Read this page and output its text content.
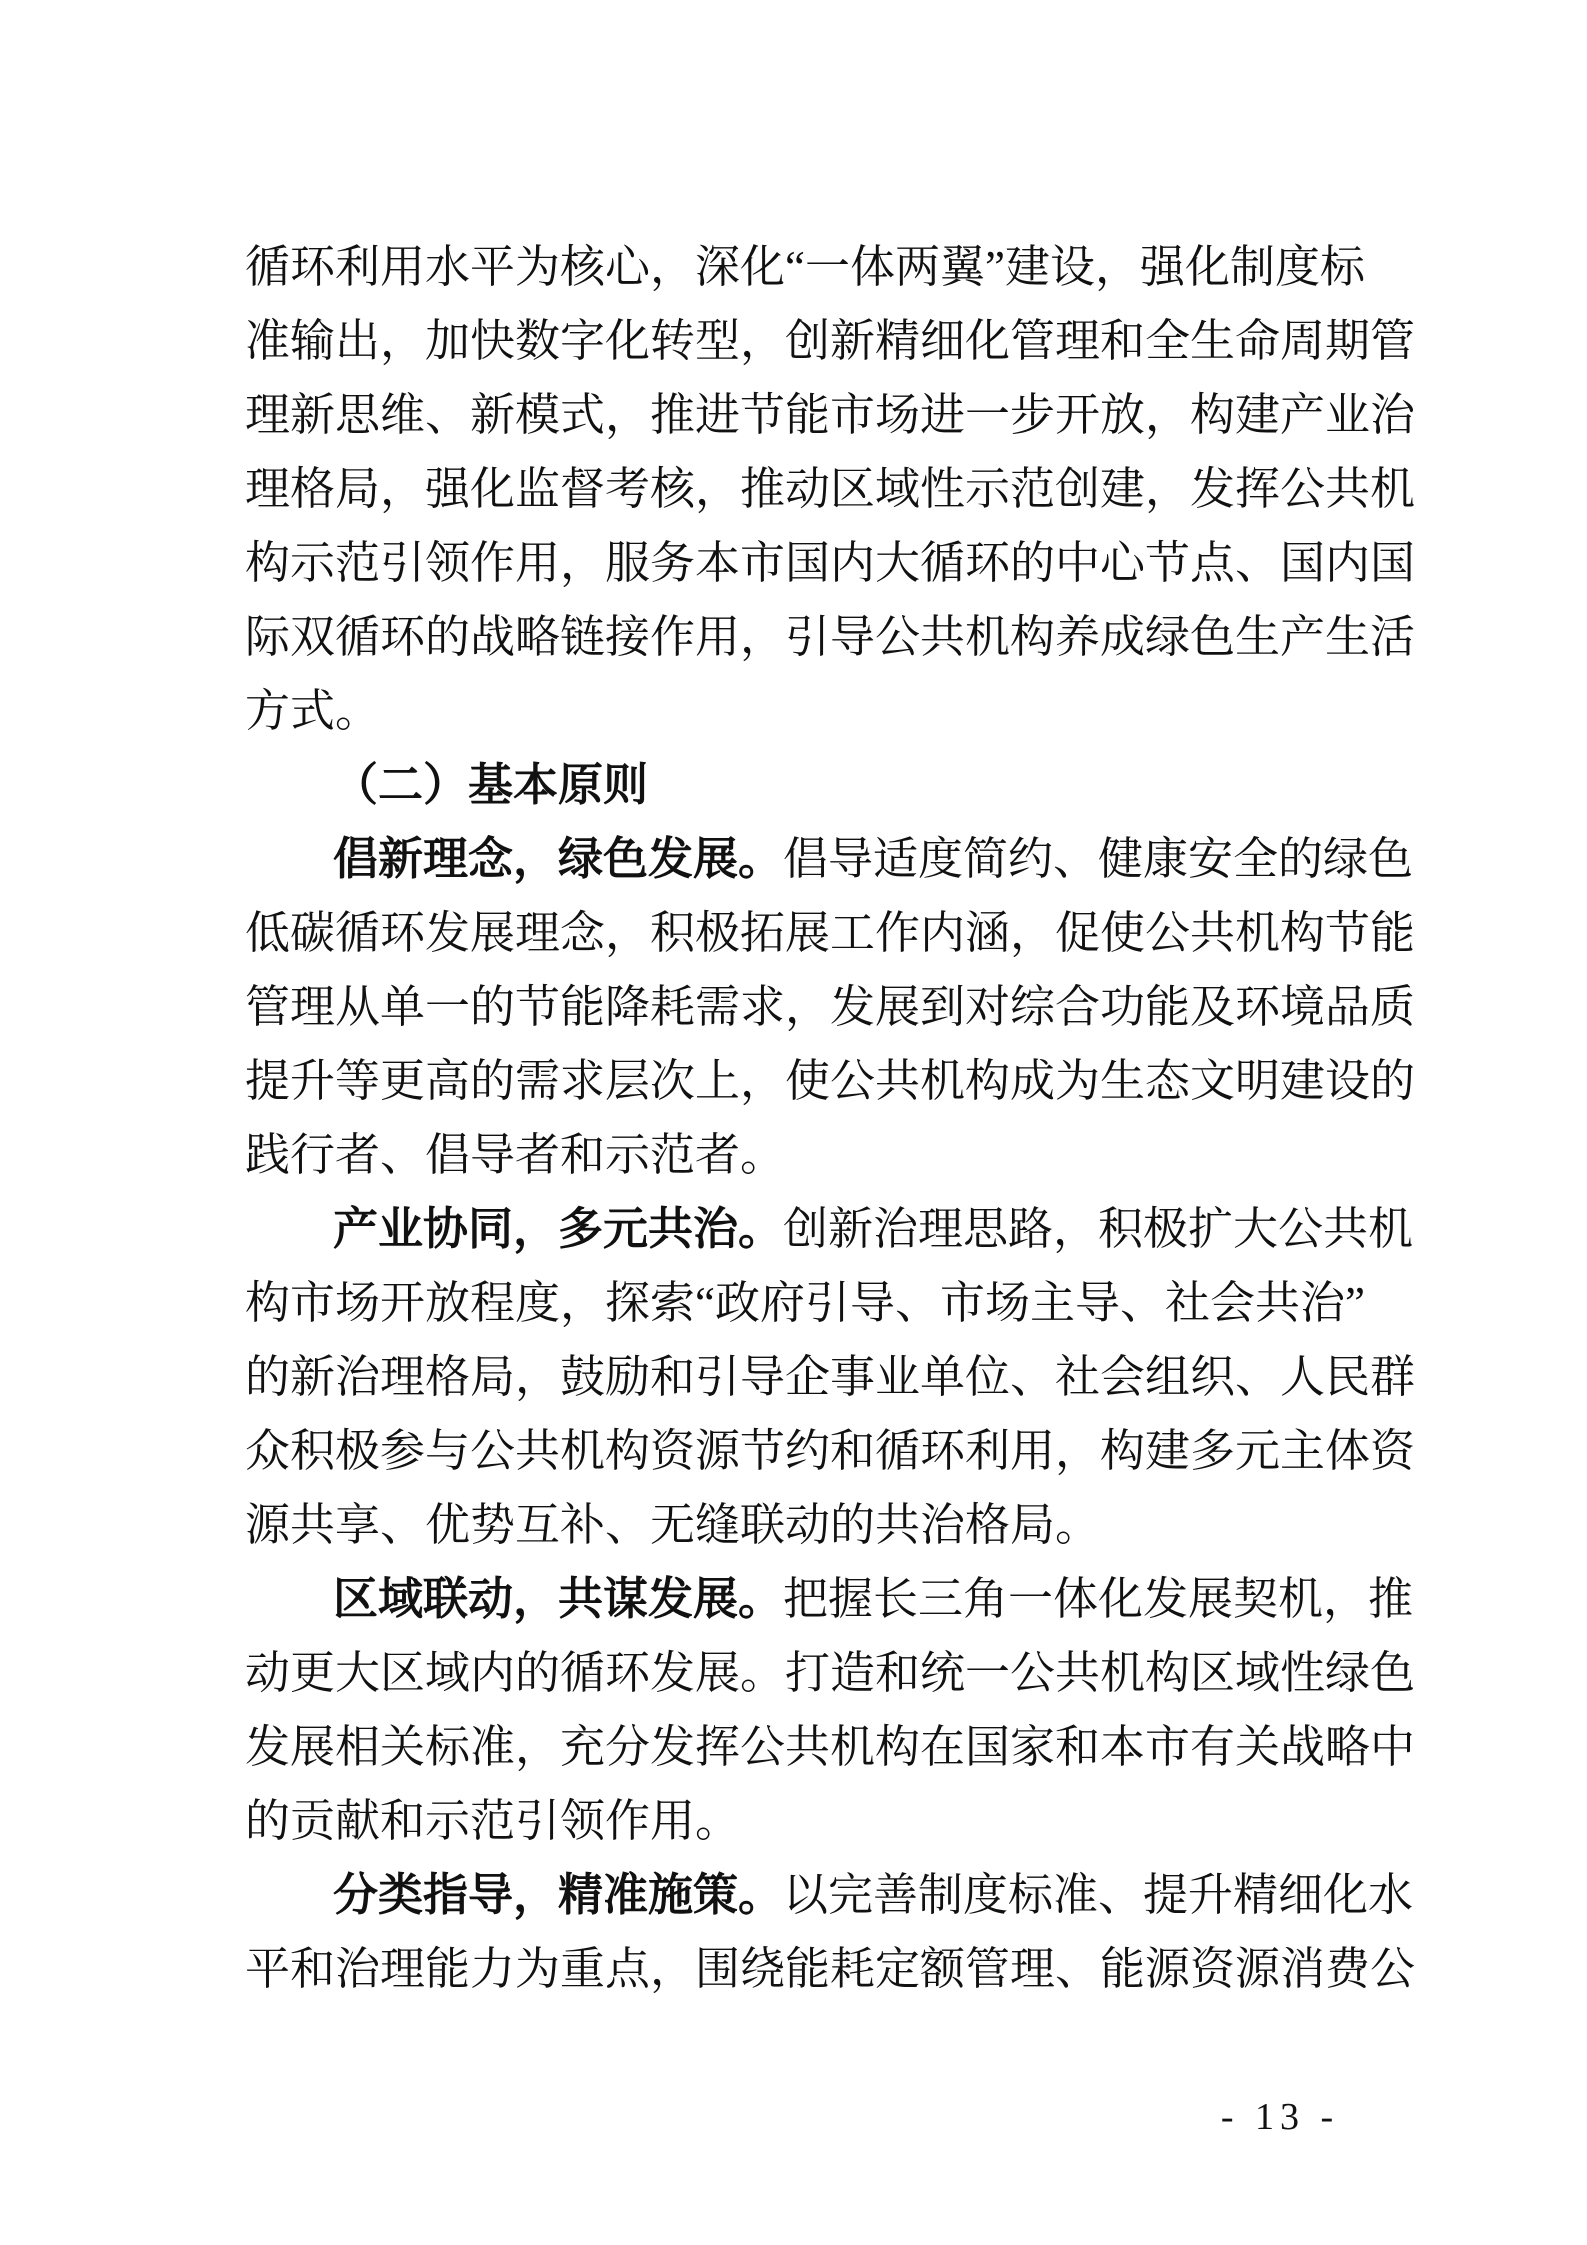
循环利用水平为核心，深化“一体两翼”建设，强化制度标
准输出，加快数字化转型，创新精细化管理和全生命周期管
理新思维、新模式，推进节能市场进一步开放，构建产业治
理格局，强化监督考核，推动区域性示范创建，发挥公共机
构示范引领作用，服务本市国内大循环的中心节点、国内国
际双循环的战略链接作用，引导公共机构养成绿色生产生活
方式。
（二）基本原则
倡新理念，绿色发展。倡导适度简约、健康安全的绿色
低碳循环发展理念，积极拓展工作内涵，促使公共机构节能
管理从单一的节能降耗需求，发展到对综合功能及环境品质
提升等更高的需求层次上，使公共机构成为生态文明建设的
践行者、倡导者和示范者。
产业协同，多元共治。创新治理思路，积极扩大公共机
构市场开放程度，探索“政府引导、市场主导、社会共治”
的新治理格局，鼓励和引导企事业单位、社会组织、人民群
众积极参与公共机构资源节约和循环利用，构建多元主体资
源共享、优势互补、无缝联动的共治格局。
区域联动，共谋发展。把握长三角一体化发展契机，推
动更大区域内的循环发展。打造和统一公共机构区域性绿色
发展相关标准，充分发挥公共机构在国家和本市有关战略中
的贡献和示范引领作用。
分类指导，精准施策。以完善制度标准、提升精细化水
平和治理能力为重点，围绕能耗定额管理、能源资源消费公
- 13 -
